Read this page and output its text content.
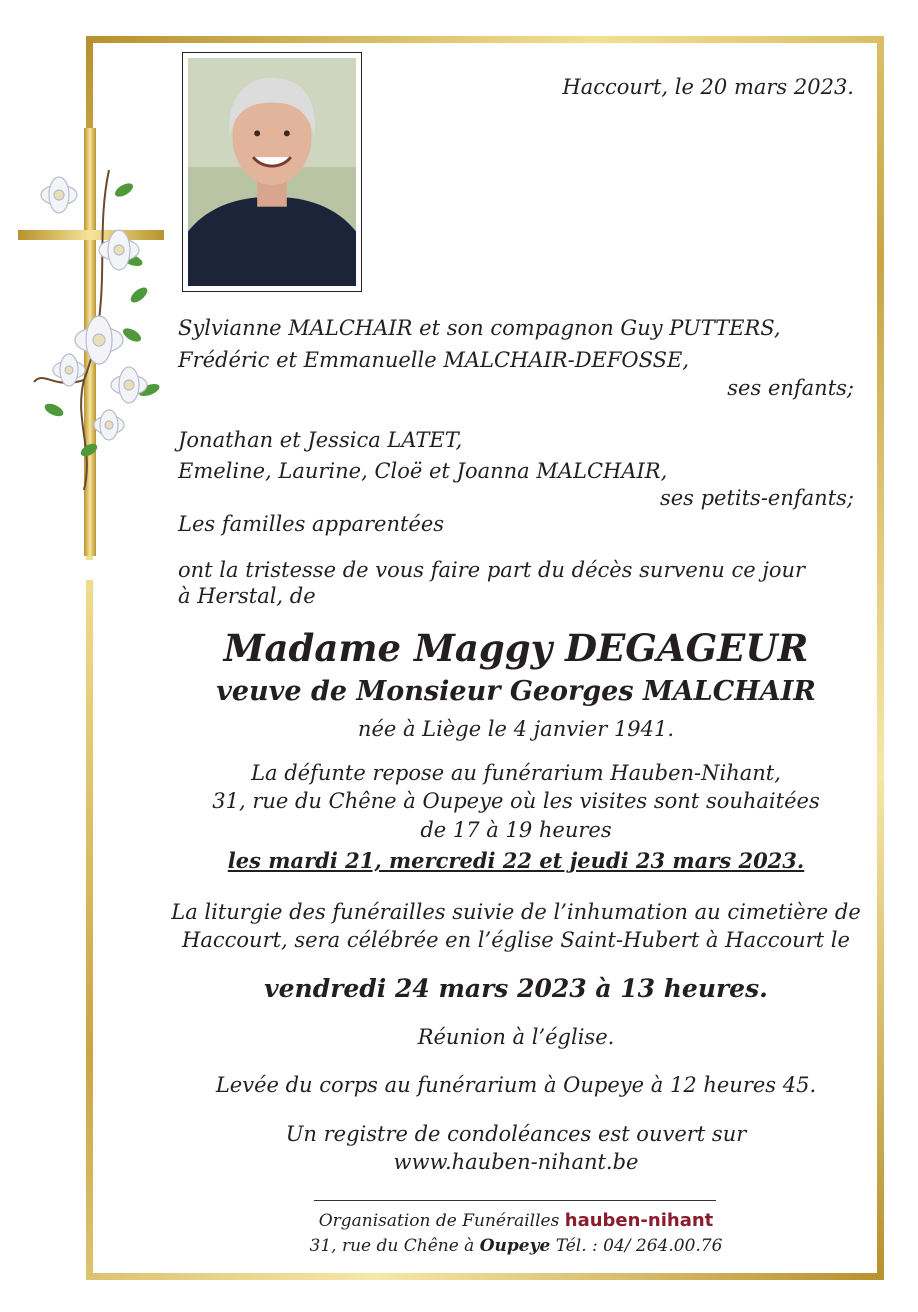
Haccourt, le 20 mars 2023.
Sylvianne MALCHAIR et son compagnon Guy PUTTERS,
Frédéric et Emmanuelle MALCHAIR-DEFOSSE,
ses enfants;
Jonathan et Jessica LATET,
Emeline, Laurine, Cloë et Joanna MALCHAIR,
ses petits-enfants;
Les familles apparentées
ont la tristesse de vous faire part du décès survenu ce jour
à Herstal, de
Madame Maggy DEGAGEUR
veuve de Monsieur Georges MALCHAIR
née à Liège le 4 janvier 1941.
La défunte repose au funérarium Hauben-Nihant,
31, rue du Chêne à Oupeye où les visites sont souhaitées
de 17 à 19 heures
les mardi 21, mercredi 22 et jeudi 23 mars 2023.
La liturgie des funérailles suivie de l’inhumation au cimetière de
Haccourt, sera célébrée en l’église Saint-Hubert à Haccourt le
vendredi 24 mars 2023 à 13 heures.
Réunion à l’église.
Levée du corps au funérarium à Oupeye à 12 heures 45.
Un registre de condoléances est ouvert sur
www.hauben-nihant.be
Organisation de Funérailles hauben-nihant
31, rue du Chêne à Oupeye Tél. : 04/ 264.00.76
